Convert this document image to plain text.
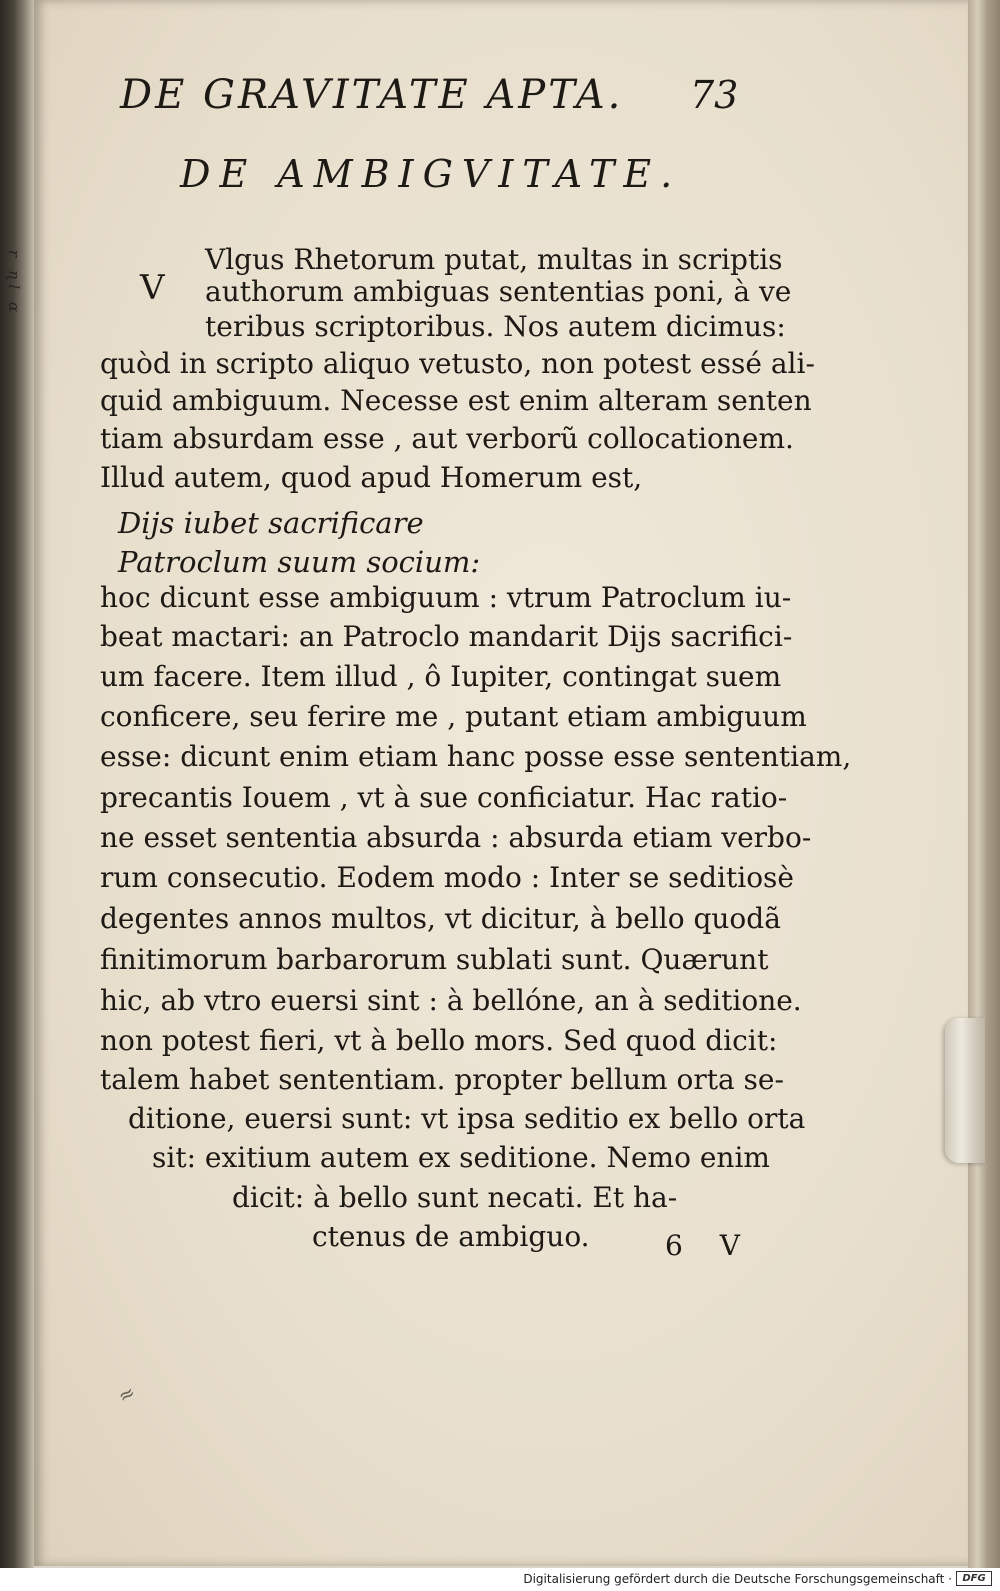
r ɳl ɑ
DE GRAVITATE APTA.	73
DE AMBIGVITATE.
V
Vlgus Rhetorum putat, multas in scriptis
authorum ambiguas sententias poni, à ve
teribus scriptoribus. Nos autem dicimus:
quòd in scripto aliquo vetusto, non potest essé ali-
quid ambiguum. Necesse est enim alteram senten
tiam absurdam esse , aut verborũ collocationem.
Illud autem, quod apud Homerum est,
Dijs iubet sacrificare
Patroclum suum socium:
hoc dicunt esse ambiguum : vtrum Patroclum iu-
beat mactari: an Patroclo mandarit Dijs sacrifici-
um facere. Item illud , ô Iupiter, contingat suem
conficere, seu ferire me , putant etiam ambiguum
esse: dicunt enim etiam hanc posse esse sententiam,
precantis Iouem , vt à sue conficiatur. Hac ratio-
ne esset sententia absurda : absurda etiam verbo-
rum consecutio. Eodem modo : Inter se seditiosè
degentes annos multos, vt dicitur, à bello quodã
finitimorum barbarorum sublati sunt. Quærunt
hic, ab vtro euersi sint : à bellóne, an à seditione.
non potest fieri, vt à bello mors. Sed quod dicit:
talem habet sententiam. propter bellum orta se-
ditione, euersi sunt: vt ipsa seditio ex bello orta
sit: exitium autem ex seditione. Nemo enim
dicit: à bello sunt necati. Et ha-
ctenus de ambiguo.	6 V
≈
Digitalisierung gefördert durch die Deutsche Forschungsgemeinschaft ·	DFG
